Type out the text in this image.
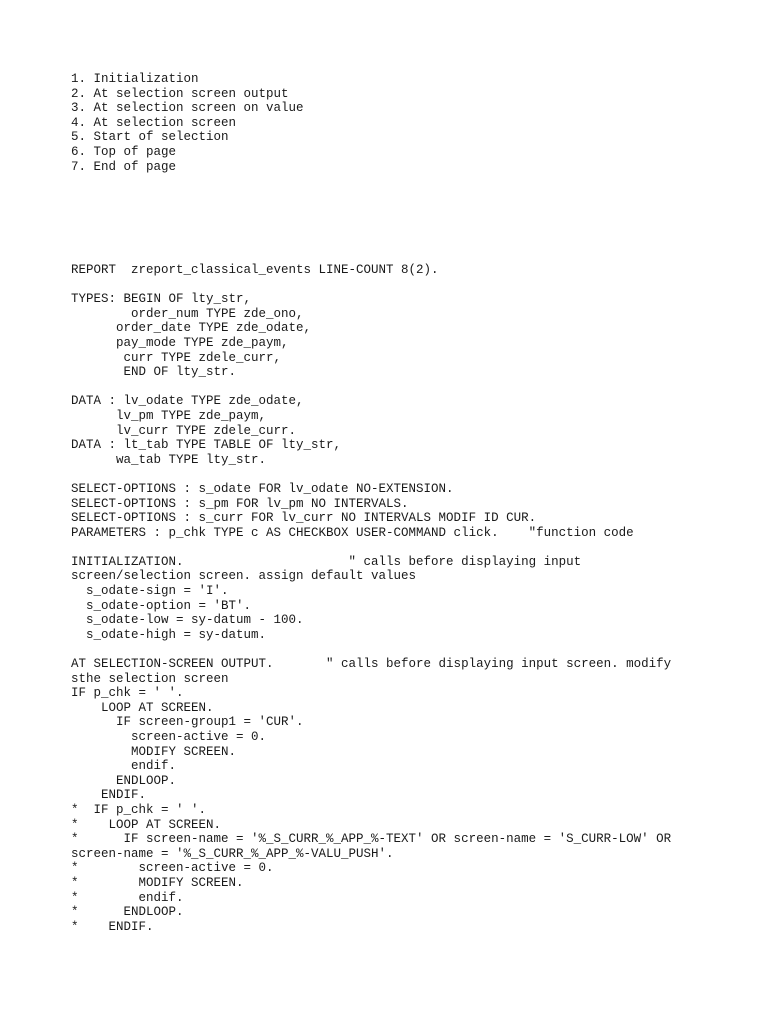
1. Initialization
2. At selection screen output
3. At selection screen on value
4. At selection screen
5. Start of selection
6. Top of page
7. End of page
REPORT  zreport_classical_events LINE-COUNT 8(2).

TYPES: BEGIN OF lty_str,
order_num TYPE zde_ono,
order_date TYPE zde_odate,
pay_mode TYPE zde_paym,
curr TYPE zdele_curr,
END OF lty_str.

DATA : lv_odate TYPE zde_odate,
lv_pm TYPE zde_paym,
lv_curr TYPE zdele_curr.
DATA : lt_tab TYPE TABLE OF lty_str,
wa_tab TYPE lty_str.

SELECT-OPTIONS : s_odate FOR lv_odate NO-EXTENSION.
SELECT-OPTIONS : s_pm FOR lv_pm NO INTERVALS.
SELECT-OPTIONS : s_curr FOR lv_curr NO INTERVALS MODIF ID CUR.
PARAMETERS : p_chk TYPE c AS CHECKBOX USER-COMMAND click.    "function code

INITIALIZATION.                      " calls before displaying input
screen/selection screen. assign default values
s_odate-sign = 'I'.
s_odate-option = 'BT'.
s_odate-low = sy-datum - 100.
s_odate-high = sy-datum.

AT SELECTION-SCREEN OUTPUT.       " calls before displaying input screen. modify
sthe selection screen
IF p_chk = ' '.
LOOP AT SCREEN.
IF screen-group1 = 'CUR'.
screen-active = 0.
MODIFY SCREEN.
endif.
ENDLOOP.
ENDIF.
*  IF p_chk = ' '.
*    LOOP AT SCREEN.
*      IF screen-name = '%_S_CURR_%_APP_%-TEXT' OR screen-name = 'S_CURR-LOW' OR
screen-name = '%_S_CURR_%_APP_%-VALU_PUSH'.
*        screen-active = 0.
*        MODIFY SCREEN.
*        endif.
*      ENDLOOP.
*    ENDIF.
